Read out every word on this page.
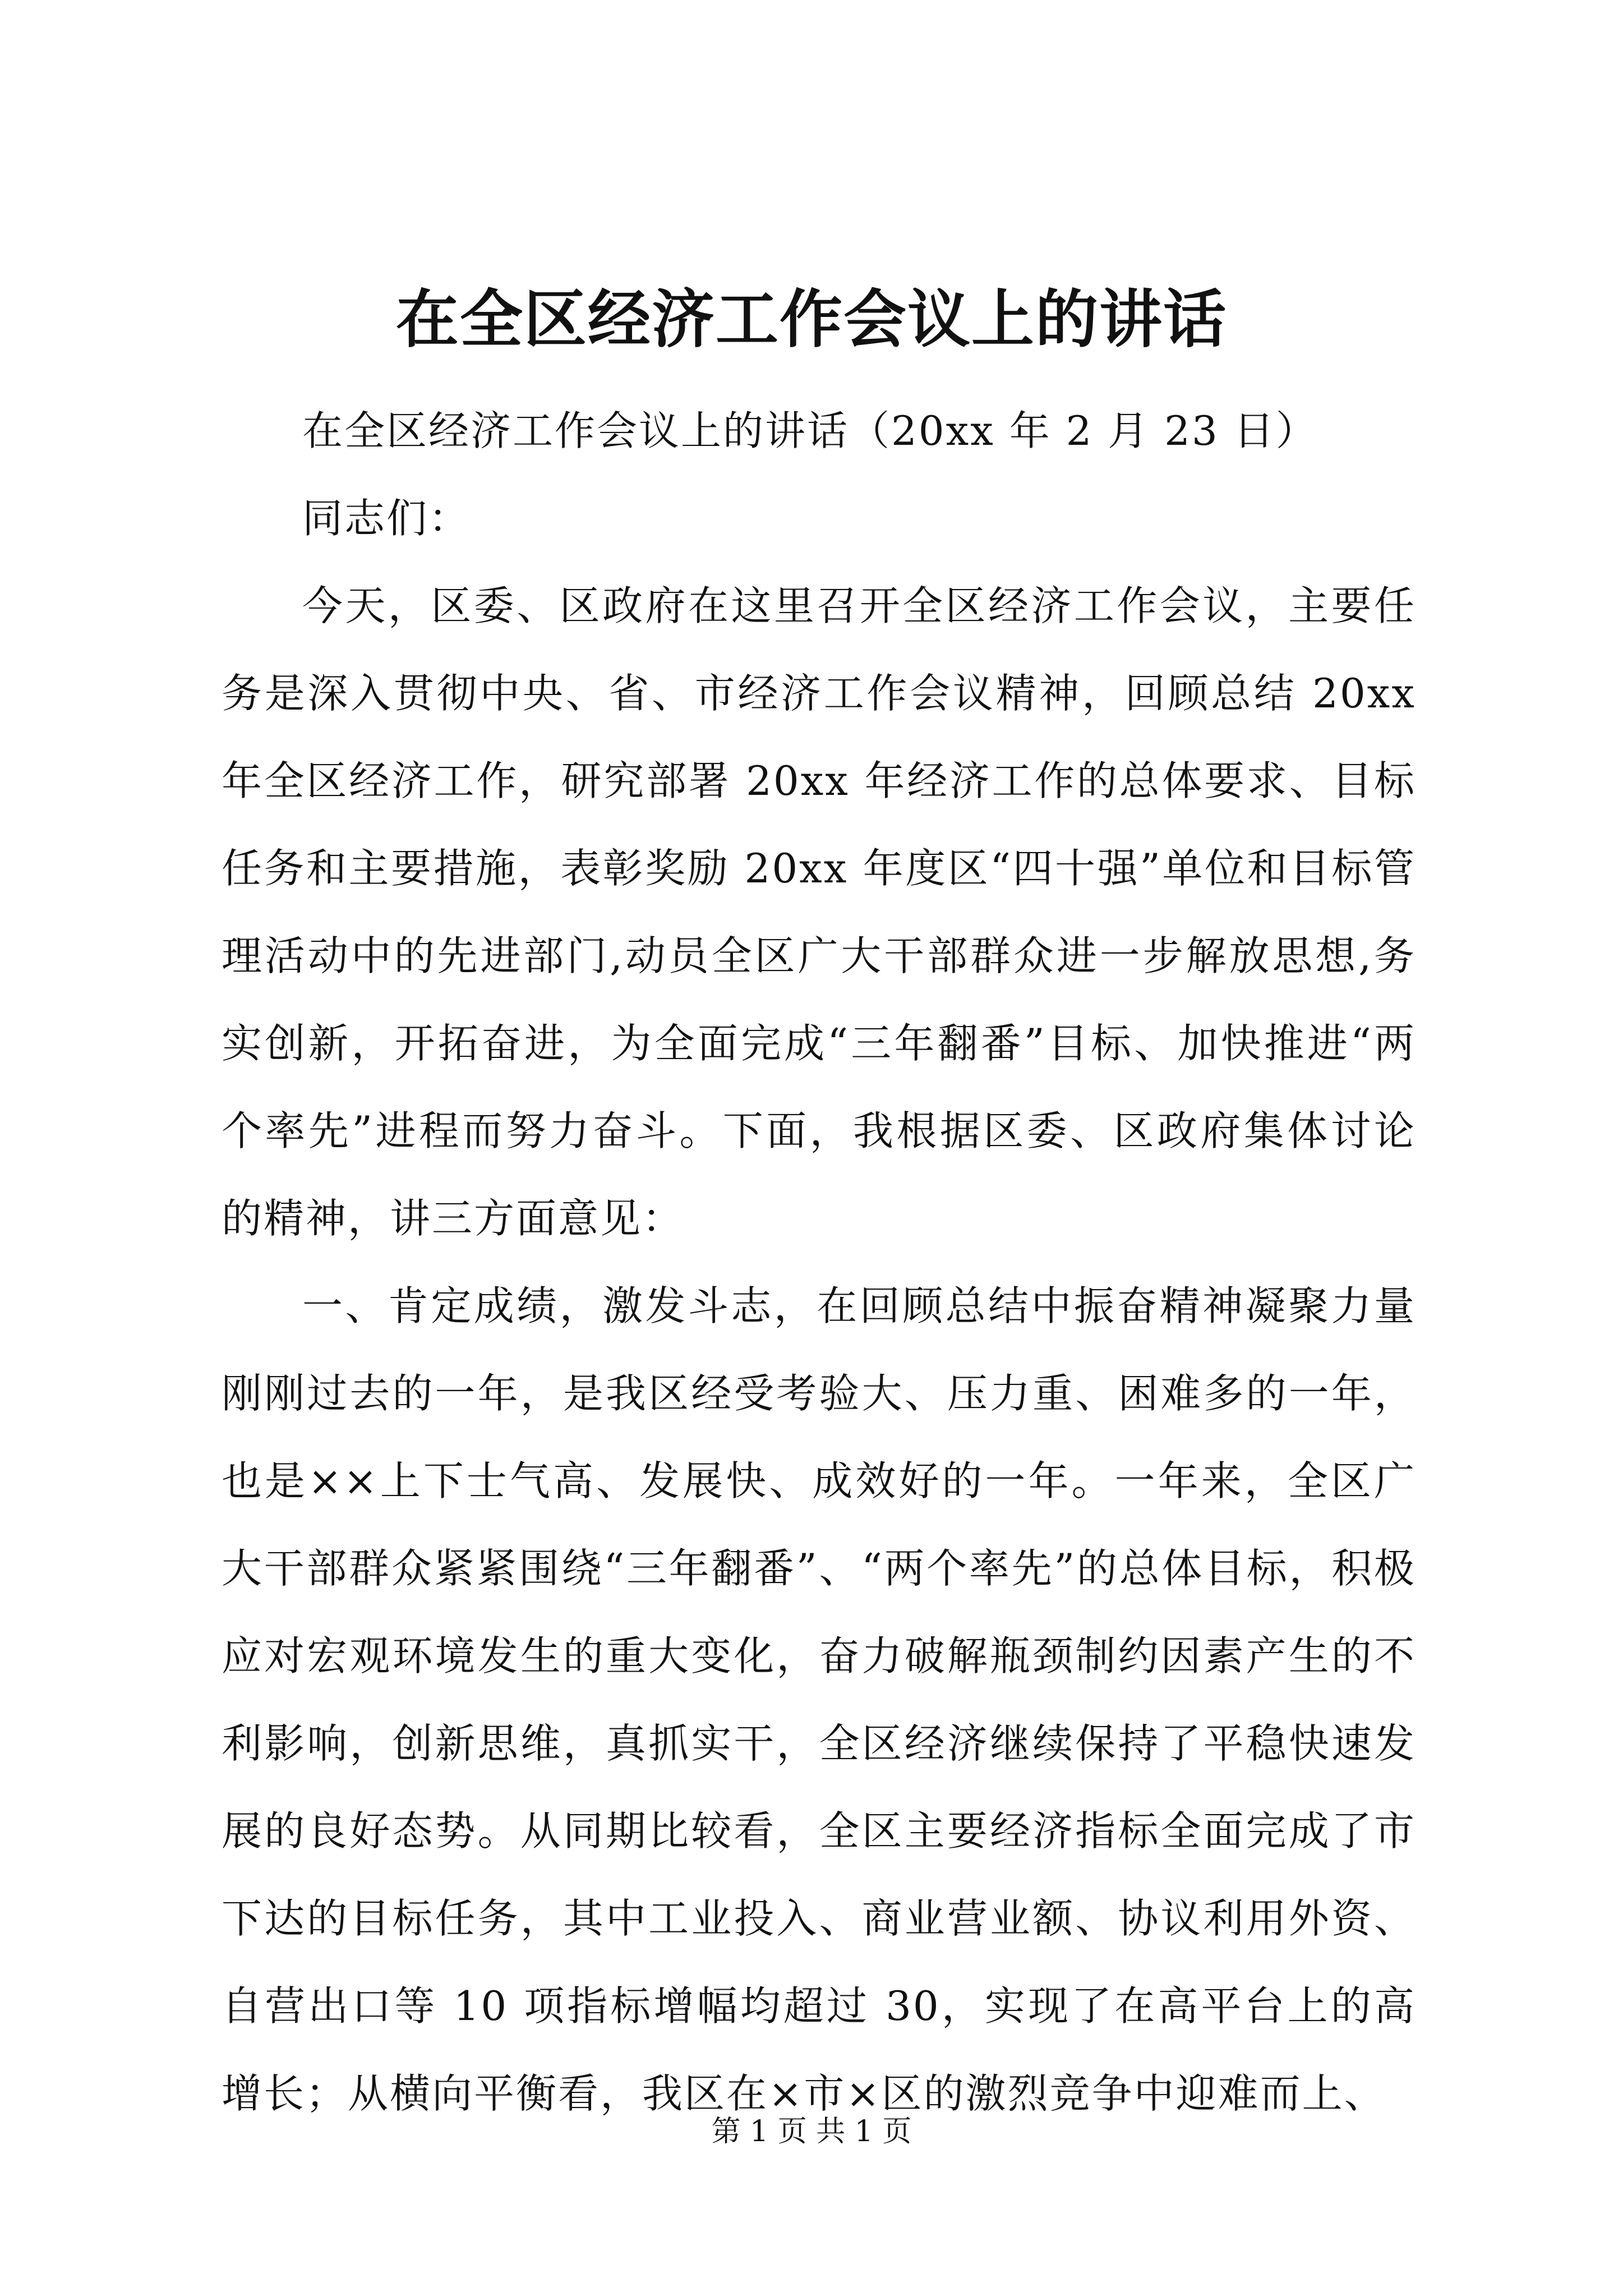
在全区经济工作会议上的讲话

在全区经济工作会议上的讲话（20xx 年 2 月 23 日）

同志们：

今天，区委、区政府在这里召开全区经济工作会议，主要任务是深入贯彻中央、省、市经济工作会议精神，回顾总结 20xx 年全区经济工作，研究部署 20xx 年经济工作的总体要求、目标任务和主要措施，表彰奖励 20xx 年度区“四十强”单位和目标管理活动中的先进部门,动员全区广大干部群众进一步解放思想,务实创新，开拓奋进，为全面完成“三年翻番”目标、加快推进“两个率先”进程而努力奋斗。下面，我根据区委、区政府集体讨论的精神，讲三方面意见：

一、肯定成绩，激发斗志，在回顾总结中振奋精神凝聚力量刚刚过去的一年，是我区经受考验大、压力重、困难多的一年，也是××上下士气高、发展快、成效好的一年。一年来，全区广大干部群众紧紧围绕“三年翻番”、“两个率先”的总体目标，积极应对宏观环境发生的重大变化，奋力破解瓶颈制约因素产生的不利影响，创新思维，真抓实干，全区经济继续保持了平稳快速发展的良好态势。从同期比较看，全区主要经济指标全面完成了市下达的目标任务，其中工业投入、商业营业额、协议利用外资、自营出口等 10 项指标增幅均超过 30，实现了在高平台上的高增长；从横向平衡看，我区在×市×区的激烈竞争中迎难而上、

第 1 页 共 1 页
